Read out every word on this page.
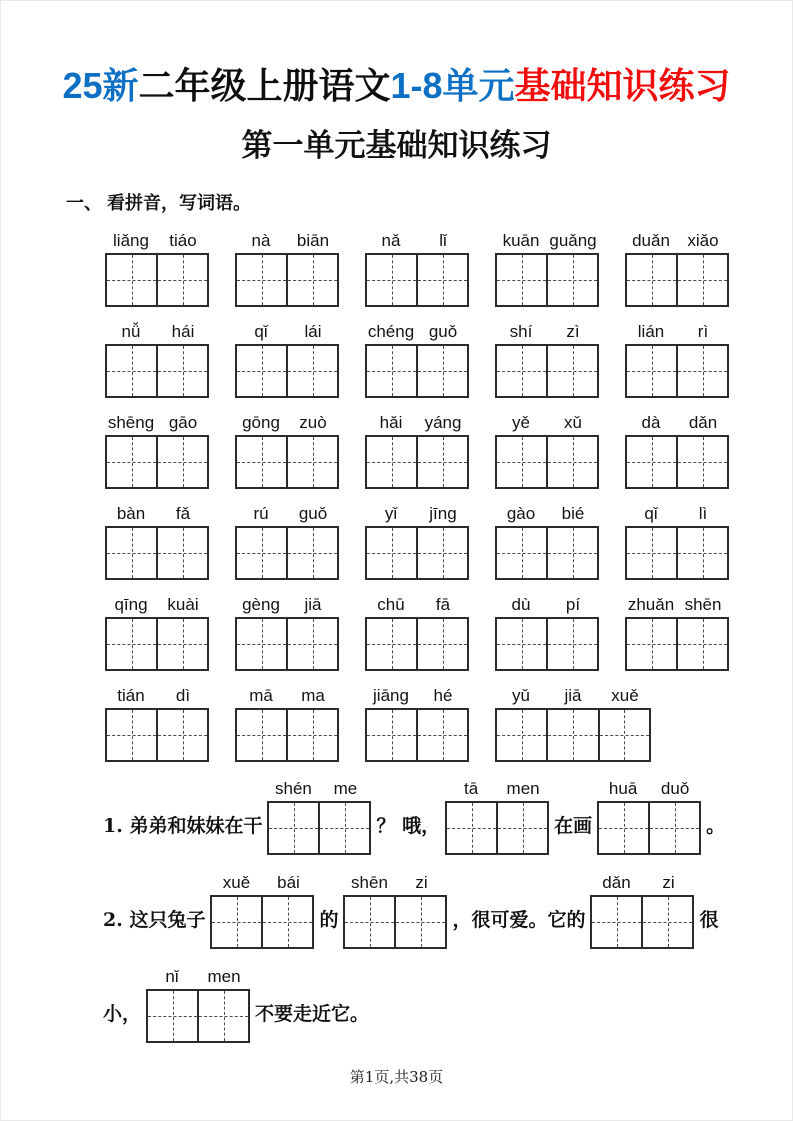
25新二年级上册语文1-8单元基础知识练习
第一单元基础知识练习
一、 看拼音，写词语。
liǎng	tiáo	nà	biān	nǎ	lǐ	kuān guǎng	duǎn	xiǎo
nǚ	hái	qǐ	lái	chéng guǒ	shí	zì	lián	rì
shēng gāo	gōng	zuò	hǎi	yáng	yě	xǔ	dà	dǎn
bàn	fǎ	rú	guǒ	yǐ	jīng	gào	bié	qǐ	lì
qīng	kuài	gèng	jiā	chū	fā	dù	pí	zhuǎn shēn
tián	dì	mā	ma	jiāng	hé	yǔ	jiā	xuě
1. 弟弟和妹妹在干
shén	me
？ 哦，
tā	men
在画
huā	duǒ
。
2. 这只兔子
xuě	bái
的
shēn	zi
，很可爱。它的
dǎn	zi
很
小，
nǐ	men
不要走近它。
第1页,共38页
